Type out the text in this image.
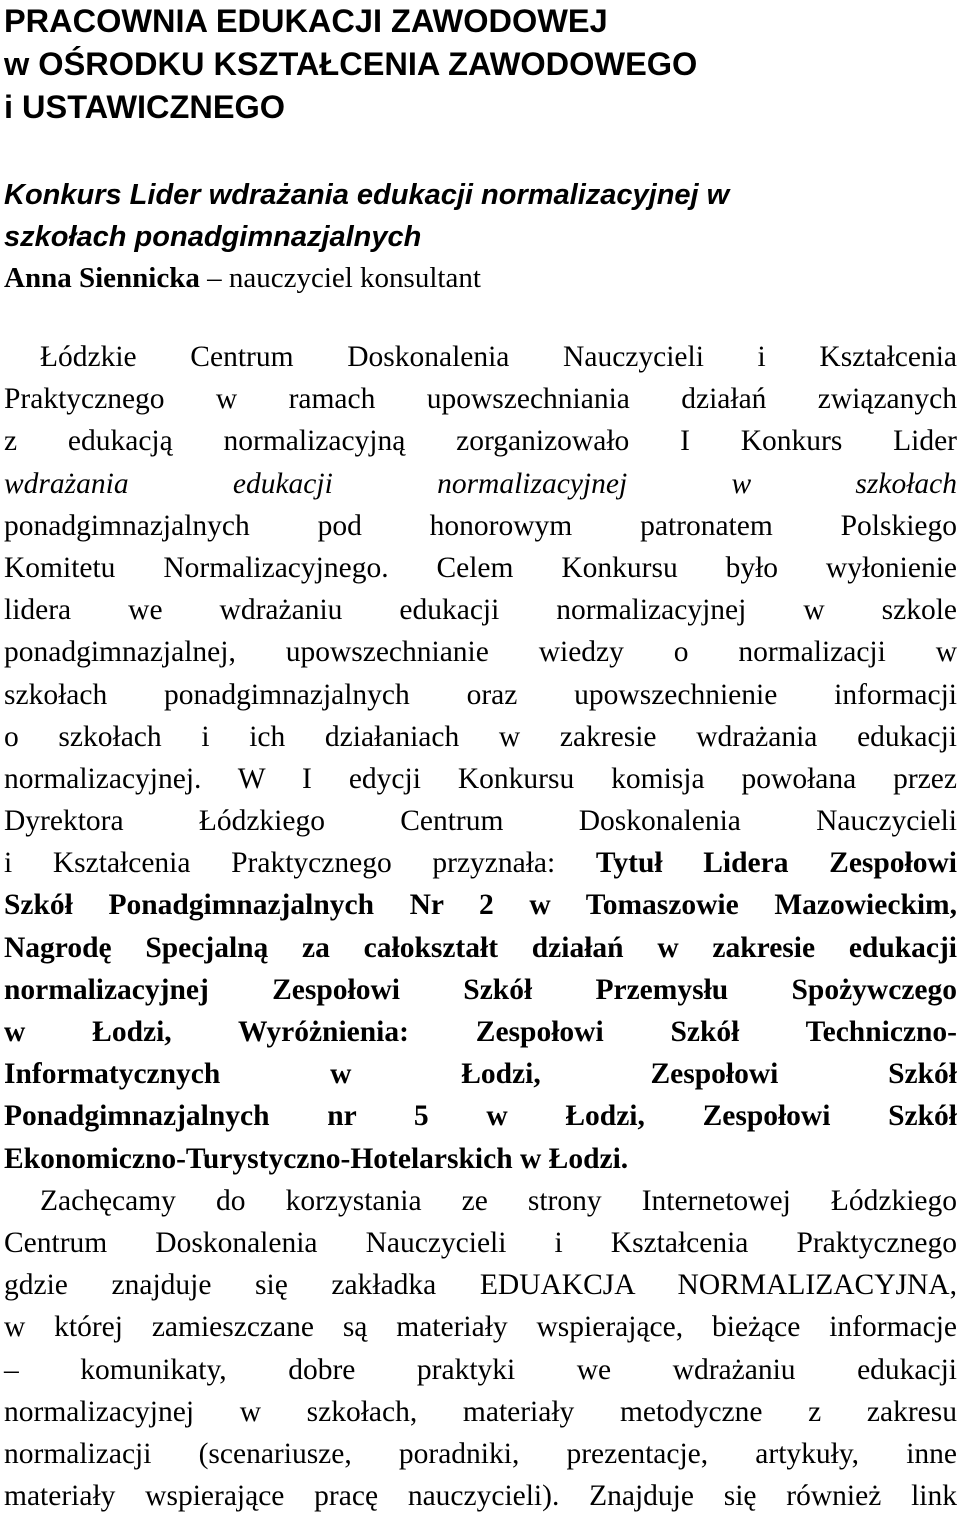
PRACOWNIA EDUKACJI ZAWODOWEJ

w OŚRODKU KSZTAŁCENIA ZAWODOWEGO

i USTAWICZNEGO

Konkurs Lider wdrażania edukacji normalizacyjnej w

szkołach ponadgimnazjalnych

Anna Siennicka – nauczyciel konsultant

Łódzkie Centrum Doskonalenia Nauczycieli i Kształcenia
Praktycznego w ramach upowszechniania działań związanych
z edukacją normalizacyjną zorganizowało I Konkurs Lider
wdrażania edukacji normalizacyjnej w szkołach
ponadgimnazjalnych pod honorowym patronatem Polskiego
Komitetu Normalizacyjnego. Celem Konkursu było wyłonienie
lidera we wdrażaniu edukacji normalizacyjnej w szkole
ponadgimnazjalnej, upowszechnianie wiedzy o normalizacji w
szkołach ponadgimnazjalnych oraz upowszechnienie informacji
o szkołach i ich działaniach w zakresie wdrażania edukacji
normalizacyjnej. W I edycji Konkursu komisja powołana przez
Dyrektora Łódzkiego Centrum Doskonalenia Nauczycieli
i Kształcenia Praktycznego przyznała: Tytuł Lidera Zespołowi
Szkół Ponadgimnazjalnych Nr 2 w Tomaszowie Mazowieckim,
Nagrodę Specjalną za całokształt działań w zakresie edukacji
normalizacyjnej Zespołowi Szkół Przemysłu Spożywczego
w Łodzi, Wyróżnienia: Zespołowi Szkół Techniczno-
Informatycznych w Łodzi, Zespołowi Szkół
Ponadgimnazjalnych nr 5 w Łodzi, Zespołowi Szkół
Ekonomiczno-Turystyczno-Hotelarskich w Łodzi.
Zachęcamy do korzystania ze strony Internetowej Łódzkiego
Centrum Doskonalenia Nauczycieli i Kształcenia Praktycznego
gdzie znajduje się zakładka EDUAKCJA NORMALIZACYJNA,
w której zamieszczane są materiały wspierające, bieżące informacje
– komunikaty, dobre praktyki we wdrażaniu edukacji
normalizacyjnej w szkołach, materiały metodyczne z zakresu
normalizacji (scenariusze, poradniki, prezentacje, artykuły, inne
materiały wspierające pracę nauczycieli). Znajduje się również link
